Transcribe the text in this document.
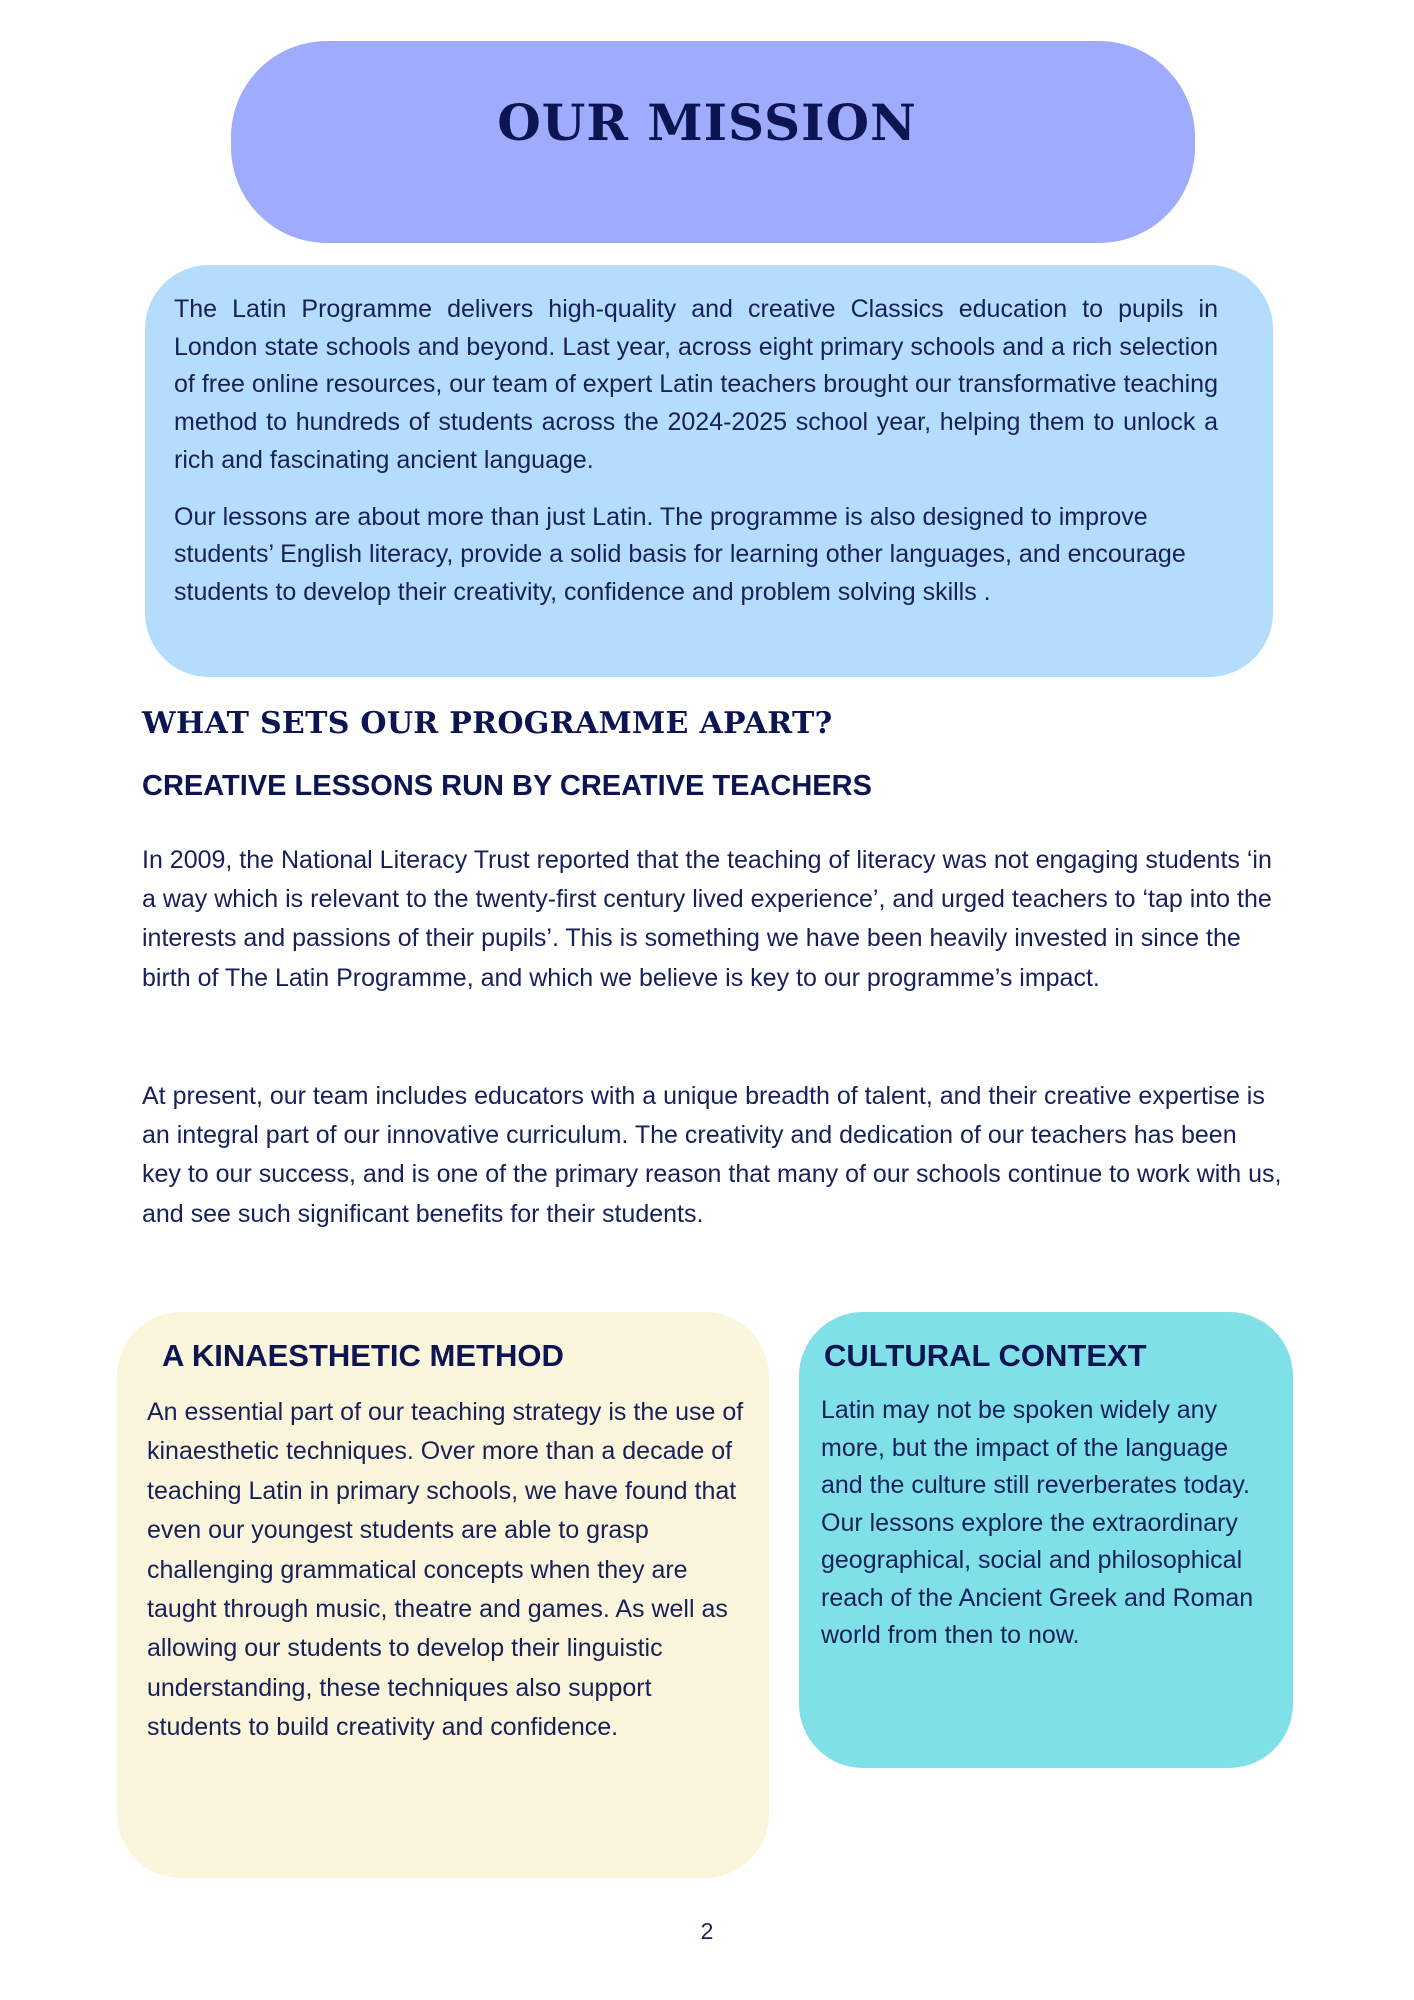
OUR MISSION

The Latin Programme delivers high-quality and creative Classics education to pupils in London state schools and beyond. Last year, across eight primary schools and a rich selection of free online resources, our team of expert Latin teachers brought our transformative teaching method to hundreds of students across the 2024-2025 school year, helping them to unlock a rich and fascinating ancient language.

Our lessons are about more than just Latin. The programme is also designed to improve students’ English literacy, provide a solid basis for learning other languages, and encourage students to develop their creativity, confidence and problem solving skills .

WHAT SETS OUR PROGRAMME APART?
CREATIVE LESSONS RUN BY CREATIVE TEACHERS

In 2009, the National Literacy Trust reported that the teaching of literacy was not engaging students ‘in a way which is relevant to the twenty-first century lived experience’, and urged teachers to ‘tap into the interests and passions of their pupils’. This is something we have been heavily invested in since the birth of The Latin Programme, and which we believe is key to our programme’s impact.

At present, our team includes educators with a unique breadth of talent, and their creative expertise is an integral part of our innovative curriculum. The creativity and dedication of our teachers has been key to our success, and is one of the primary reason that many of our schools continue to work with us, and see such significant benefits for their students.

A KINAESTHETIC METHOD

An essential part of our teaching strategy is the use of kinaesthetic techniques. Over more than a decade of teaching Latin in primary schools, we have found that even our youngest students are able to grasp challenging grammatical concepts when they are taught through music, theatre and games. As well as allowing our students to develop their linguistic understanding, these techniques also support students to build creativity and confidence.

CULTURAL CONTEXT

Latin may not be spoken widely any more, but the impact of the language and the culture still reverberates today. Our lessons explore the extraordinary geographical, social and philosophical reach of the Ancient Greek and Roman world from then to now.

2
